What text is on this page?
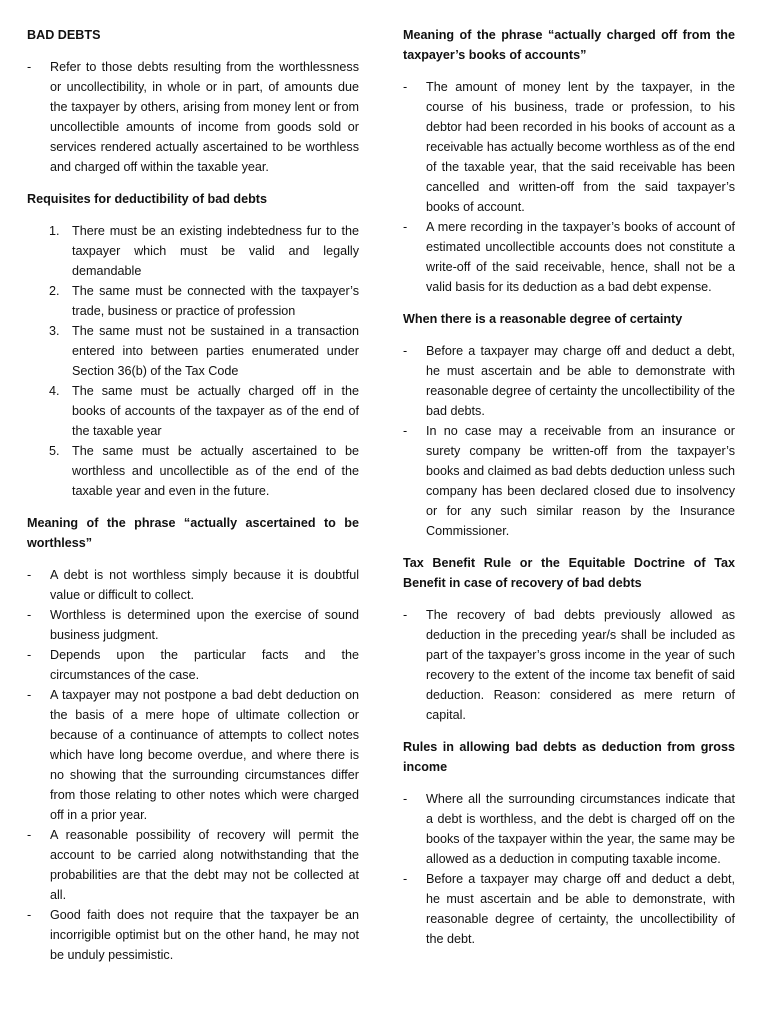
BAD DEBTS
- Refer to those debts resulting from the worthlessness or uncollectibility, in whole or in part, of amounts due the taxpayer by others, arising from money lent or from uncollectible amounts of income from goods sold or services rendered actually ascertained to be worthless and charged off within the taxable year.
Requisites for deductibility of bad debts
1. There must be an existing indebtedness fur to the taxpayer which must be valid and legally demandable
2. The same must be connected with the taxpayer’s trade, business or practice of profession
3. The same must not be sustained in a transaction entered into between parties enumerated under Section 36(b) of the Tax Code
4. The same must be actually charged off in the books of accounts of the taxpayer as of the end of the taxable year
5. The same must be actually ascertained to be worthless and uncollectible as of the end of the taxable year and even in the future.
Meaning of the phrase “actually ascertained to be worthless”
- A debt is not worthless simply because it is doubtful value or difficult to collect.
- Worthless is determined upon the exercise of sound business judgment.
- Depends upon the particular facts and the circumstances of the case.
- A taxpayer may not postpone a bad debt deduction on the basis of a mere hope of ultimate collection or because of a continuance of attempts to collect notes which have long become overdue, and where there is no showing that the surrounding circumstances differ from those relating to other notes which were charged off in a prior year.
- A reasonable possibility of recovery will permit the account to be carried along notwithstanding that the probabilities are that the debt may not be collected at all.
- Good faith does not require that the taxpayer be an incorrigible optimist but on the other hand, he may not be unduly pessimistic.
Meaning of the phrase “actually charged off from the taxpayer’s books of accounts”
- The amount of money lent by the taxpayer, in the course of his business, trade or profession, to his debtor had been recorded in his books of account as a receivable has actually become worthless as of the end of the taxable year, that the said receivable has been cancelled and written-off from the said taxpayer’s books of account.
- A mere recording in the taxpayer’s books of account of estimated uncollectible accounts does not constitute a write-off of the said receivable, hence, shall not be a valid basis for its deduction as a bad debt expense.
When there is a reasonable degree of certainty
- Before a taxpayer may charge off and deduct a debt, he must ascertain and be able to demonstrate with reasonable degree of certainty the uncollectibility of the bad debts.
- In no case may a receivable from an insurance or surety company be written-off from the taxpayer’s books and claimed as bad debts deduction unless such company has been declared closed due to insolvency or for any such similar reason by the Insurance Commissioner.
Tax Benefit Rule or the Equitable Doctrine of Tax Benefit in case of recovery of bad debts
- The recovery of bad debts previously allowed as deduction in the preceding year/s shall be included as part of the taxpayer’s gross income in the year of such recovery to the extent of the income tax benefit of said deduction. Reason: considered as mere return of capital.
Rules in allowing bad debts as deduction from gross income
- Where all the surrounding circumstances indicate that a debt is worthless, and the debt is charged off on the books of the taxpayer within the year, the same may be allowed as a deduction in computing taxable income.
- Before a taxpayer may charge off and deduct a debt, he must ascertain and be able to demonstrate, with reasonable degree of certainty, the uncollectibility of the debt.
